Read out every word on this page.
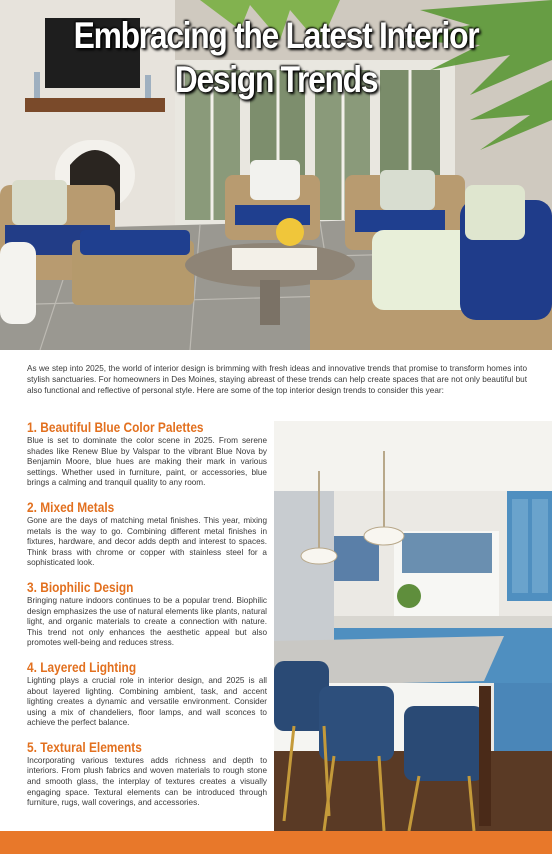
Embracing the Latest Interior
Design Trends

As we step into 2025, the world of interior design is brimming with fresh ideas and innovative trends that promise to transform homes into stylish sanctuaries. For homeowners in Des Moines, staying abreast of these trends can help create spaces that are not only beautiful but also functional and reflective of personal style. Here are some of the top interior design trends to consider this year:

1. Beautiful Blue Color Palettes

Blue is set to dominate the color scene in 2025. From serene shades like Renew Blue by Valspar to the vibrant Blue Nova by Benjamin Moore, blue hues are making their mark in various settings. Whether used in furniture, paint, or accessories, blue brings a calming and tranquil quality to any room.

2. Mixed Metals

Gone are the days of matching metal finishes. This year, mixing metals is the way to go. Combining different metal finishes in fixtures, hardware, and decor adds depth and interest to spaces. Think brass with chrome or copper with stainless steel for a sophisticated look.

3. Biophilic Design

Bringing nature indoors continues to be a popular trend. Biophilic design emphasizes the use of natural elements like plants, natural light, and organic materials to create a connection with nature. This trend not only enhances the aesthetic appeal but also promotes well-being and reduces stress.

4. Layered Lighting

Lighting plays a crucial role in interior design, and 2025 is all about layered lighting. Combining ambient, task, and accent lighting creates a dynamic and versatile environment. Consider using a mix of chandeliers, floor lamps, and wall sconces to achieve the perfect balance.

5. Textural Elements

Incorporating various textures adds richness and depth to interiors. From plush fabrics and woven materials to rough stone and smooth glass, the interplay of textures creates a visually engaging space. Textural elements can be introduced through furniture, rugs, wall coverings, and accessories.
